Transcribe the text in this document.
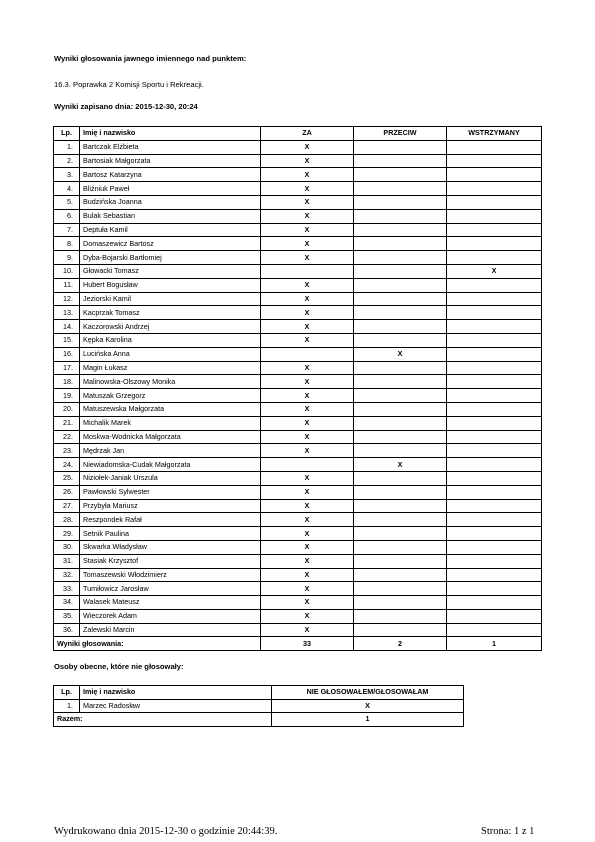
Wyniki głosowania jawnego imiennego nad punktem:
16.3. Poprawka 2 Komisji Sportu i Rekreacji.
Wyniki zapisano dnia: 2015-12-30, 20:24
Lp.	Imię i nazwisko	ZA	PRZECIW	WSTRZYMANY
1.	Bartczak Elżbieta	X		
2.	Bartosiak Małgorzata	X		
3.	Bartosz Katarzyna	X		
4.	Bliźniuk Paweł	X		
5.	Budzińska Joanna	X		
6.	Bulak Sebastian	X		
7.	Deptuła Kamil	X		
8.	Domaszewicz Bartosz	X		
9.	Dyba-Bojarski Bartłomiej	X		
10.	Głowacki Tomasz			X
11.	Hubert Bogusław	X		
12.	Jeziorski Kamil	X		
13.	Kacprzak Tomasz	X		
14.	Kaczorowski Andrzej	X		
15.	Kępka Karolina	X		
16.	Lucińska Anna		X	
17.	Magin Łukasz	X		
18.	Malinowska-Olszowy Monika	X		
19.	Matuszak Grzegorz	X		
20.	Matuszewska Małgorzata	X		
21.	Michalik Marek	X		
22.	Moskwa-Wodnicka Małgorzata	X		
23.	Mędrzak Jan	X		
24.	Niewiadomska-Cudak Małgorzata		X	
25.	Niziołek-Janiak Urszula	X		
26.	Pawłowski Sylwester	X		
27.	Przybyła Mariusz	X		
28.	Reszpondek Rafał	X		
29.	Setnik Paulina	X		
30.	Skwarka Władysław	X		
31.	Stasiak Krzysztof	X		
32.	Tomaszewski Włodzimierz	X		
33.	Tumiłowicz Jarosław	X		
34.	Walasek Mateusz	X		
35.	Wieczorek Adam	X		
36.	Zalewski Marcin	X		
Wyniki głosowania:		33	2	1
Osoby obecne, które nie głosowały:
Lp.	Imię i nazwisko	NIE GŁOSOWAŁEM/GŁOSOWAŁAM
1.	Marzec Radosław	X
Razem:		1
Wydrukowano dnia 2015-12-30 o godzinie 20:44:39.	Strona: 1 z 1
